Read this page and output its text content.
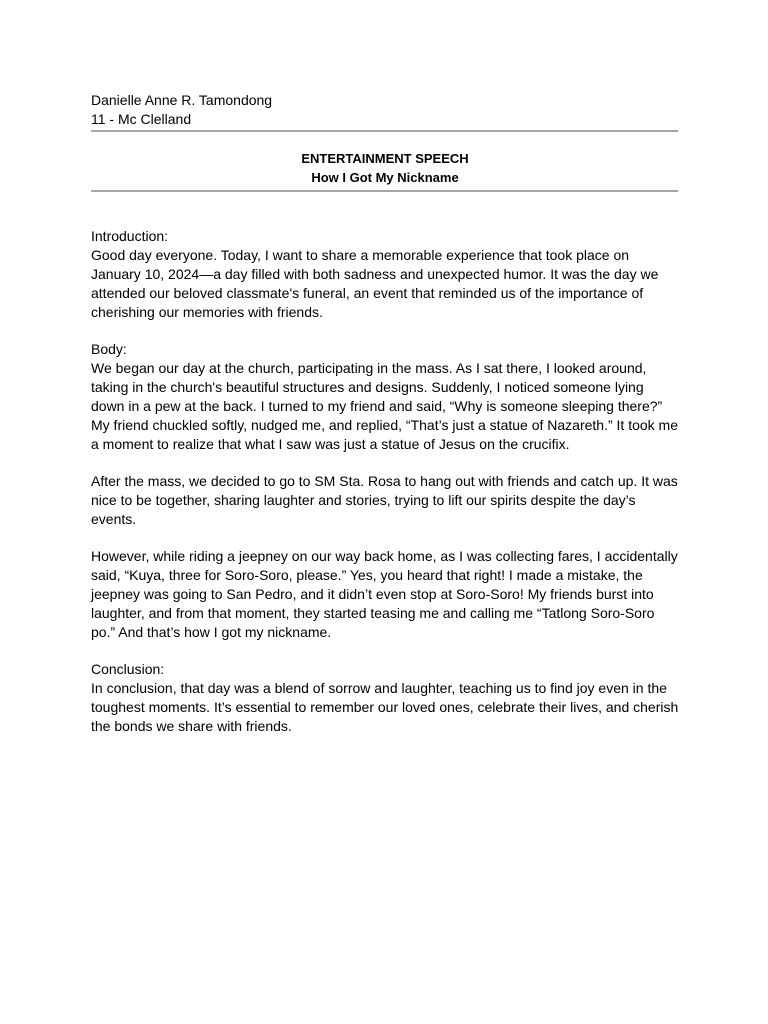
Danielle Anne R. Tamondong

11 - Mc Clelland

ENTERTAINMENT SPEECH

How I Got My Nickname

Introduction:
Good day everyone. Today, I want to share a memorable experience that took place on January 10, 2024—a day filled with both sadness and unexpected humor. It was the day we attended our beloved classmate's funeral, an event that reminded us of the importance of cherishing our memories with friends.

Body:
We began our day at the church, participating in the mass. As I sat there, I looked around, taking in the church's beautiful structures and designs. Suddenly, I noticed someone lying down in a pew at the back. I turned to my friend and said, “Why is someone sleeping there?” My friend chuckled softly, nudged me, and replied, “That’s just a statue of Nazareth.” It took me a moment to realize that what I saw was just a statue of Jesus on the crucifix.

After the mass, we decided to go to SM Sta. Rosa to hang out with friends and catch up. It was nice to be together, sharing laughter and stories, trying to lift our spirits despite the day’s events.

However, while riding a jeepney on our way back home, as I was collecting fares, I accidentally said, “Kuya, three for Soro-Soro, please.” Yes, you heard that right! I made a mistake, the jeepney was going to San Pedro, and it didn’t even stop at Soro-Soro! My friends burst into laughter, and from that moment, they started teasing me and calling me “Tatlong Soro-Soro po.” And that’s how I got my nickname.

Conclusion:
In conclusion, that day was a blend of sorrow and laughter, teaching us to find joy even in the toughest moments. It’s essential to remember our loved ones, celebrate their lives, and cherish the bonds we share with friends.
